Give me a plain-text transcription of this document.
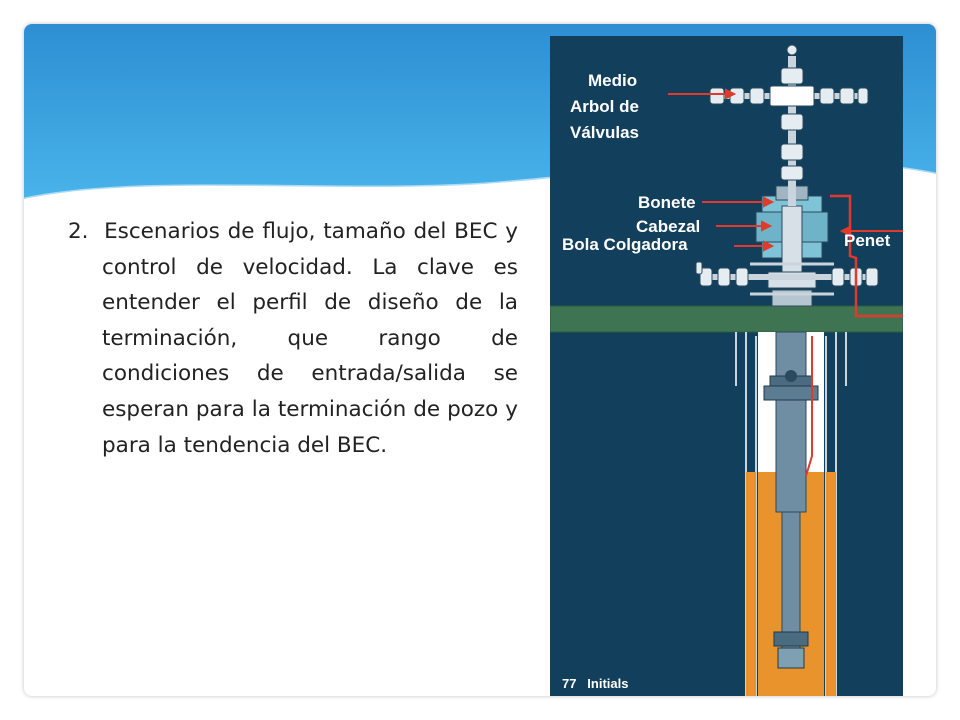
2. Escenarios de flujo, tamaño del BEC y control de velocidad. La clave es entender el perfil de diseño de la terminación, que rango de condiciones de entrada/salida se esperan para la terminación de pozo y para la tendencia del BEC.
Medio
Arbol de
Válvulas
Bonete
Cabezal
Bola Colgadora	Penet
77   Initials
